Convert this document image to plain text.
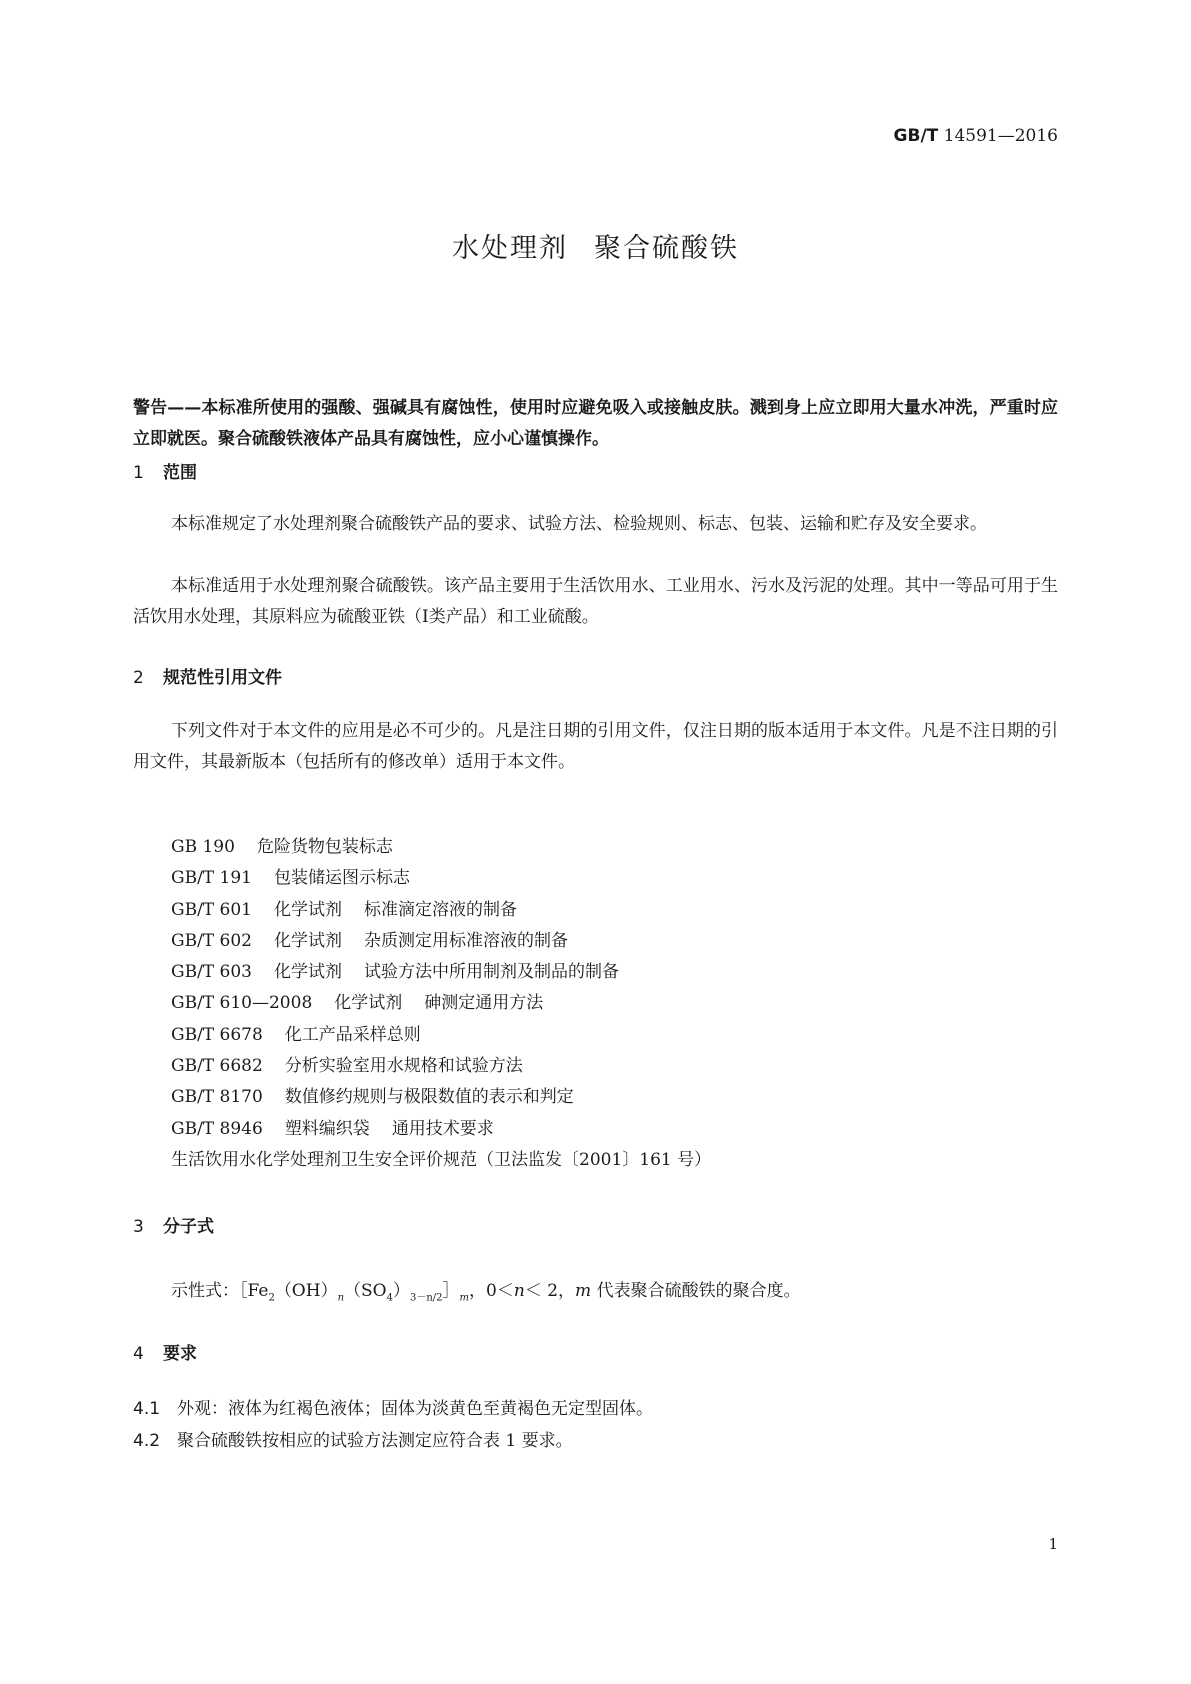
GB/T 14591—2016
水处理剂 聚合硫酸铁
警告——本标准所使用的强酸、强碱具有腐蚀性，使用时应避免吸入或接触皮肤。溅到身上应立即用大量水冲洗，严重时应立即就医。聚合硫酸铁液体产品具有腐蚀性，应小心谨慎操作。
1 范围
本标准规定了水处理剂聚合硫酸铁产品的要求、试验方法、检验规则、标志、包装、运输和贮存及安全要求。
本标准适用于水处理剂聚合硫酸铁。该产品主要用于生活饮用水、工业用水、污水及污泥的处理。其中一等品可用于生活饮用水处理，其原料应为硫酸亚铁（Ⅰ类产品）和工业硫酸。
2 规范性引用文件
下列文件对于本文件的应用是必不可少的。凡是注日期的引用文件，仅注日期的版本适用于本文件。凡是不注日期的引用文件，其最新版本（包括所有的修改单）适用于本文件。
GB 190 危险货物包装标志
GB/T 191 包装储运图示标志
GB/T 601 化学试剂 标准滴定溶液的制备
GB/T 602 化学试剂 杂质测定用标准溶液的制备
GB/T 603 化学试剂 试验方法中所用制剂及制品的制备
GB/T 610—2008 化学试剂 砷测定通用方法
GB/T 6678 化工产品采样总则
GB/T 6682 分析实验室用水规格和试验方法
GB/T 8170 数值修约规则与极限数值的表示和判定
GB/T 8946 塑料编织袋 通用技术要求
生活饮用水化学处理剂卫生安全评价规范（卫法监发〔2001〕161 号）
3 分子式
示性式：$[Fe_2(OH)_n(SO_4)_{3-n/2}]_m$，0＜n＜ 2，m 代表聚合硫酸铁的聚合度。
4 要求
4.1 外观：液体为红褐色液体；固体为淡黄色至黄褐色无定型固体。
4.2 聚合硫酸铁按相应的试验方法测定应符合表 1 要求。
1
